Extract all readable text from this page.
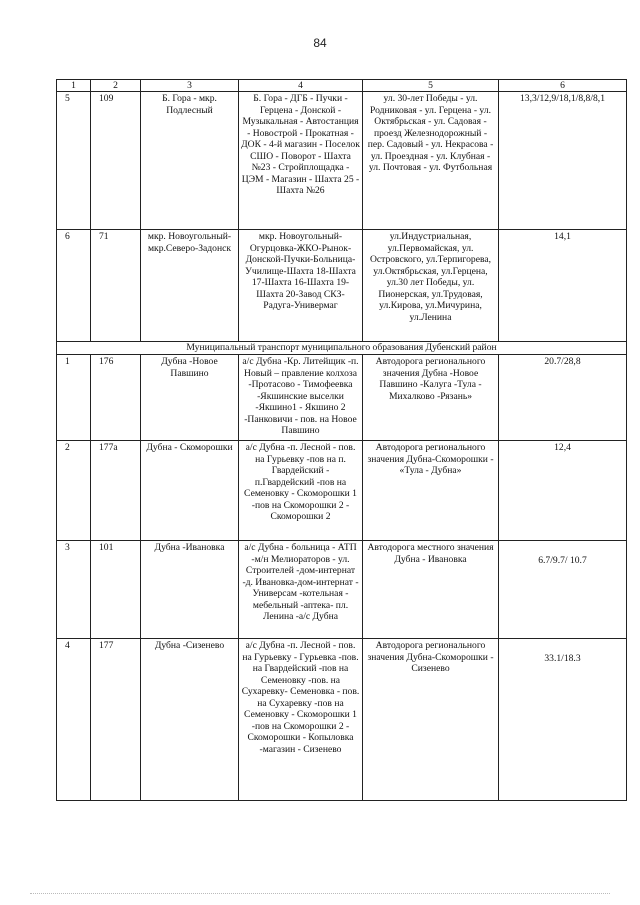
84
1	2	3	4	5	6
5	109	Б. Гора - мкр. Подлесный	Б. Гора - ДГБ - Пучки - Герцена - Донской - Музыкальная - Автостанция - Новострой - Прокатная - ДОК - 4-й магазин - Поселок СШО - Поворот - Шахта №23 - Стройплощадка - ЦЭМ - Магазин - Шахта 25 - Шахта №26	ул. 30-лет Победы - ул. Родниковая - ул. Герцена - ул. Октябрьская - ул. Садовая - проезд Железнодорожный - пер. Садовый - ул. Некрасова - ул. Проездная - ул. Клубная - ул. Почтовая - ул. Футбольная	13,3/12,9/18,1/8,8/8,1
6	71	мкр. Новоугольный-мкр.Северо-Задонск	мкр. Новоугольный-Огурцовка-ЖКО-Рынок-Донской-Пучки-Больница-Училище-Шахта 18-Шахта 17-Шахта 16-Шахта 19-Шахта 20-Завод СКЗ-Радуга-Универмаг	ул.Индустриальная, ул.Первомайская, ул. Островского, ул.Терпигорева, ул.Октябрьская, ул.Герцена, ул.30 лет Победы, ул. Пионерская, ул.Трудовая, ул.Кирова, ул.Мичурина, ул.Ленина	14,1
Муниципальный транспорт муниципального образования Дубенский район					
1	176	Дубна -Новое Павшино	а/с Дубна -Кр. Литейщик -п. Новый – правление колхоза -Протасово - Тимофеевка -Якшинские выселки -Якшино1 - Якшино 2 -Панковичи - пов. на Новое Павшино	Автодорога регионального значения Дубна -Новое Павшино -Калуга -Тула - Михалково -Рязань»	20.7/28,8
2	177а	Дубна - Скоморошки	а/с Дубна -п. Лесной - пов. на Гурьевку -пов на п. Гвардейский - п.Гвардейский -пов на Семеновку - Скоморошки 1 -пов на Скоморошки 2 - Скоморошки 2	Автодорога регионального значения Дубна-Скоморошки - «Тула - Дубна»	12,4
3	101	Дубна -Ивановка	а/с Дубна - больница - АТП -м/н Мелиораторов - ул. Строителей -дом-интернат -д. Ивановка-дом-интернат - Универсам -котельная - мебельный -аптека- пл. Ленина -а/с Дубна	Автодорога местного значения Дубна - Ивановка	6.7/9.7/ 10.7
4	177	Дубна -Сизенево	а/с Дубна -п. Лесной - пов. на Гурьевку - Гурьевка -пов. на Гвардейский -пов на Семеновку -пов. на Сухаревку- Семеновка - пов. на Сухаревку -пов на Семеновку - Скоморошки 1 -пов на Скоморошки 2 - Скоморошки - Копыловка -магазин - Сизенево	Автодорога регионального значения Дубна-Скоморошки - Сизенево	33.1/18.3
